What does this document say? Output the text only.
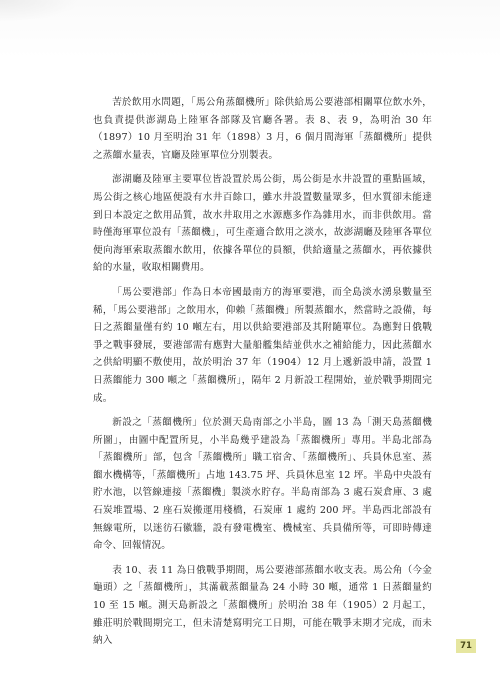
苦於飲用水問題，「馬公角蒸餾機所」除供給馬公要港部相關單位飲水外，也負責提供澎湖島上陸軍各部隊及官廳各署。表 8、表 9，為明治 30 年（1897）10 月至明治 31 年（1898）3 月，6 個月間海軍「蒸餾機所」提供之蒸餾水量表，官廳及陸軍單位分別製表。

澎湖廳及陸軍主要單位皆設置於馬公街，馬公街是水井設置的重點區域，馬公街之核心地區便設有水井百餘口，雖水井設置數量眾多，但水質卻未能達到日本設定之飲用品質，故水井取用之水源應多作為雜用水，而非供飲用。當時僅海軍單位設有「蒸餾機」，可生產適合飲用之淡水，故澎湖廳及陸軍各單位便向海軍索取蒸餾水飲用，依據各單位的員額，供給適量之蒸餾水，再依據供給的水量，收取相關費用。

「馬公要港部」作為日本帝國最南方的海軍要港，而全島淡水湧泉數量至稀，「馬公要港部」之飲用水，仰賴「蒸餾機」所製蒸餾水，然當時之設備，每日之蒸餾量僅有約 10 噸左右，用以供給要港部及其附隨單位。為應對日俄戰爭之戰事發展，要港部需有應對大量船艦集結並供水之補給能力，因此蒸餾水之供給明顯不敷使用，故於明治 37 年（1904）12 月上遞新設申請，設置 1 日蒸餾能力 300 噸之「蒸餾機所」，隔年 2 月新設工程開始，並於戰爭期間完成。

新設之「蒸餾機所」位於測天島南部之小半島，圖 13 為「測天島蒸餾機所圖」，由圖中配置所見，小半島幾乎建設為「蒸餾機所」專用。半島北部為「蒸餾機所」部，包含「蒸餾機所」職工宿舍、「蒸餾機所」、兵員休息室、蒸餾水機構等，「蒸餾機所」占地 143.75 坪、兵員休息室 12 坪。半島中央設有貯水池，以管線連接「蒸餾機」製淡水貯存。半島南部為 3 處石炭倉庫、3 處石炭堆置場、2 座石炭搬運用棧橋，石炭庫 1 處約 200 坪。半島西北部設有無線電所，以迷彷石徽牆，設有發電機室、機械室、兵員備所等，可即時傳達命令、回報情況。

表 10、表 11 為日俄戰爭期間，馬公要港部蒸餾水收支表。馬公角（今金龜頭）之「蒸餾機所」，其滿載蒸餾量為 24 小時 30 噸，通常 1 日蒸餾量約 10 至 15 噸。測天島新設之「蒸餾機所」於明治 38 年（1905）2 月起工，雖莊明於戰間期完工，但未清楚寫明完工日期，可能在戰爭末期才完成，而未納入	71
